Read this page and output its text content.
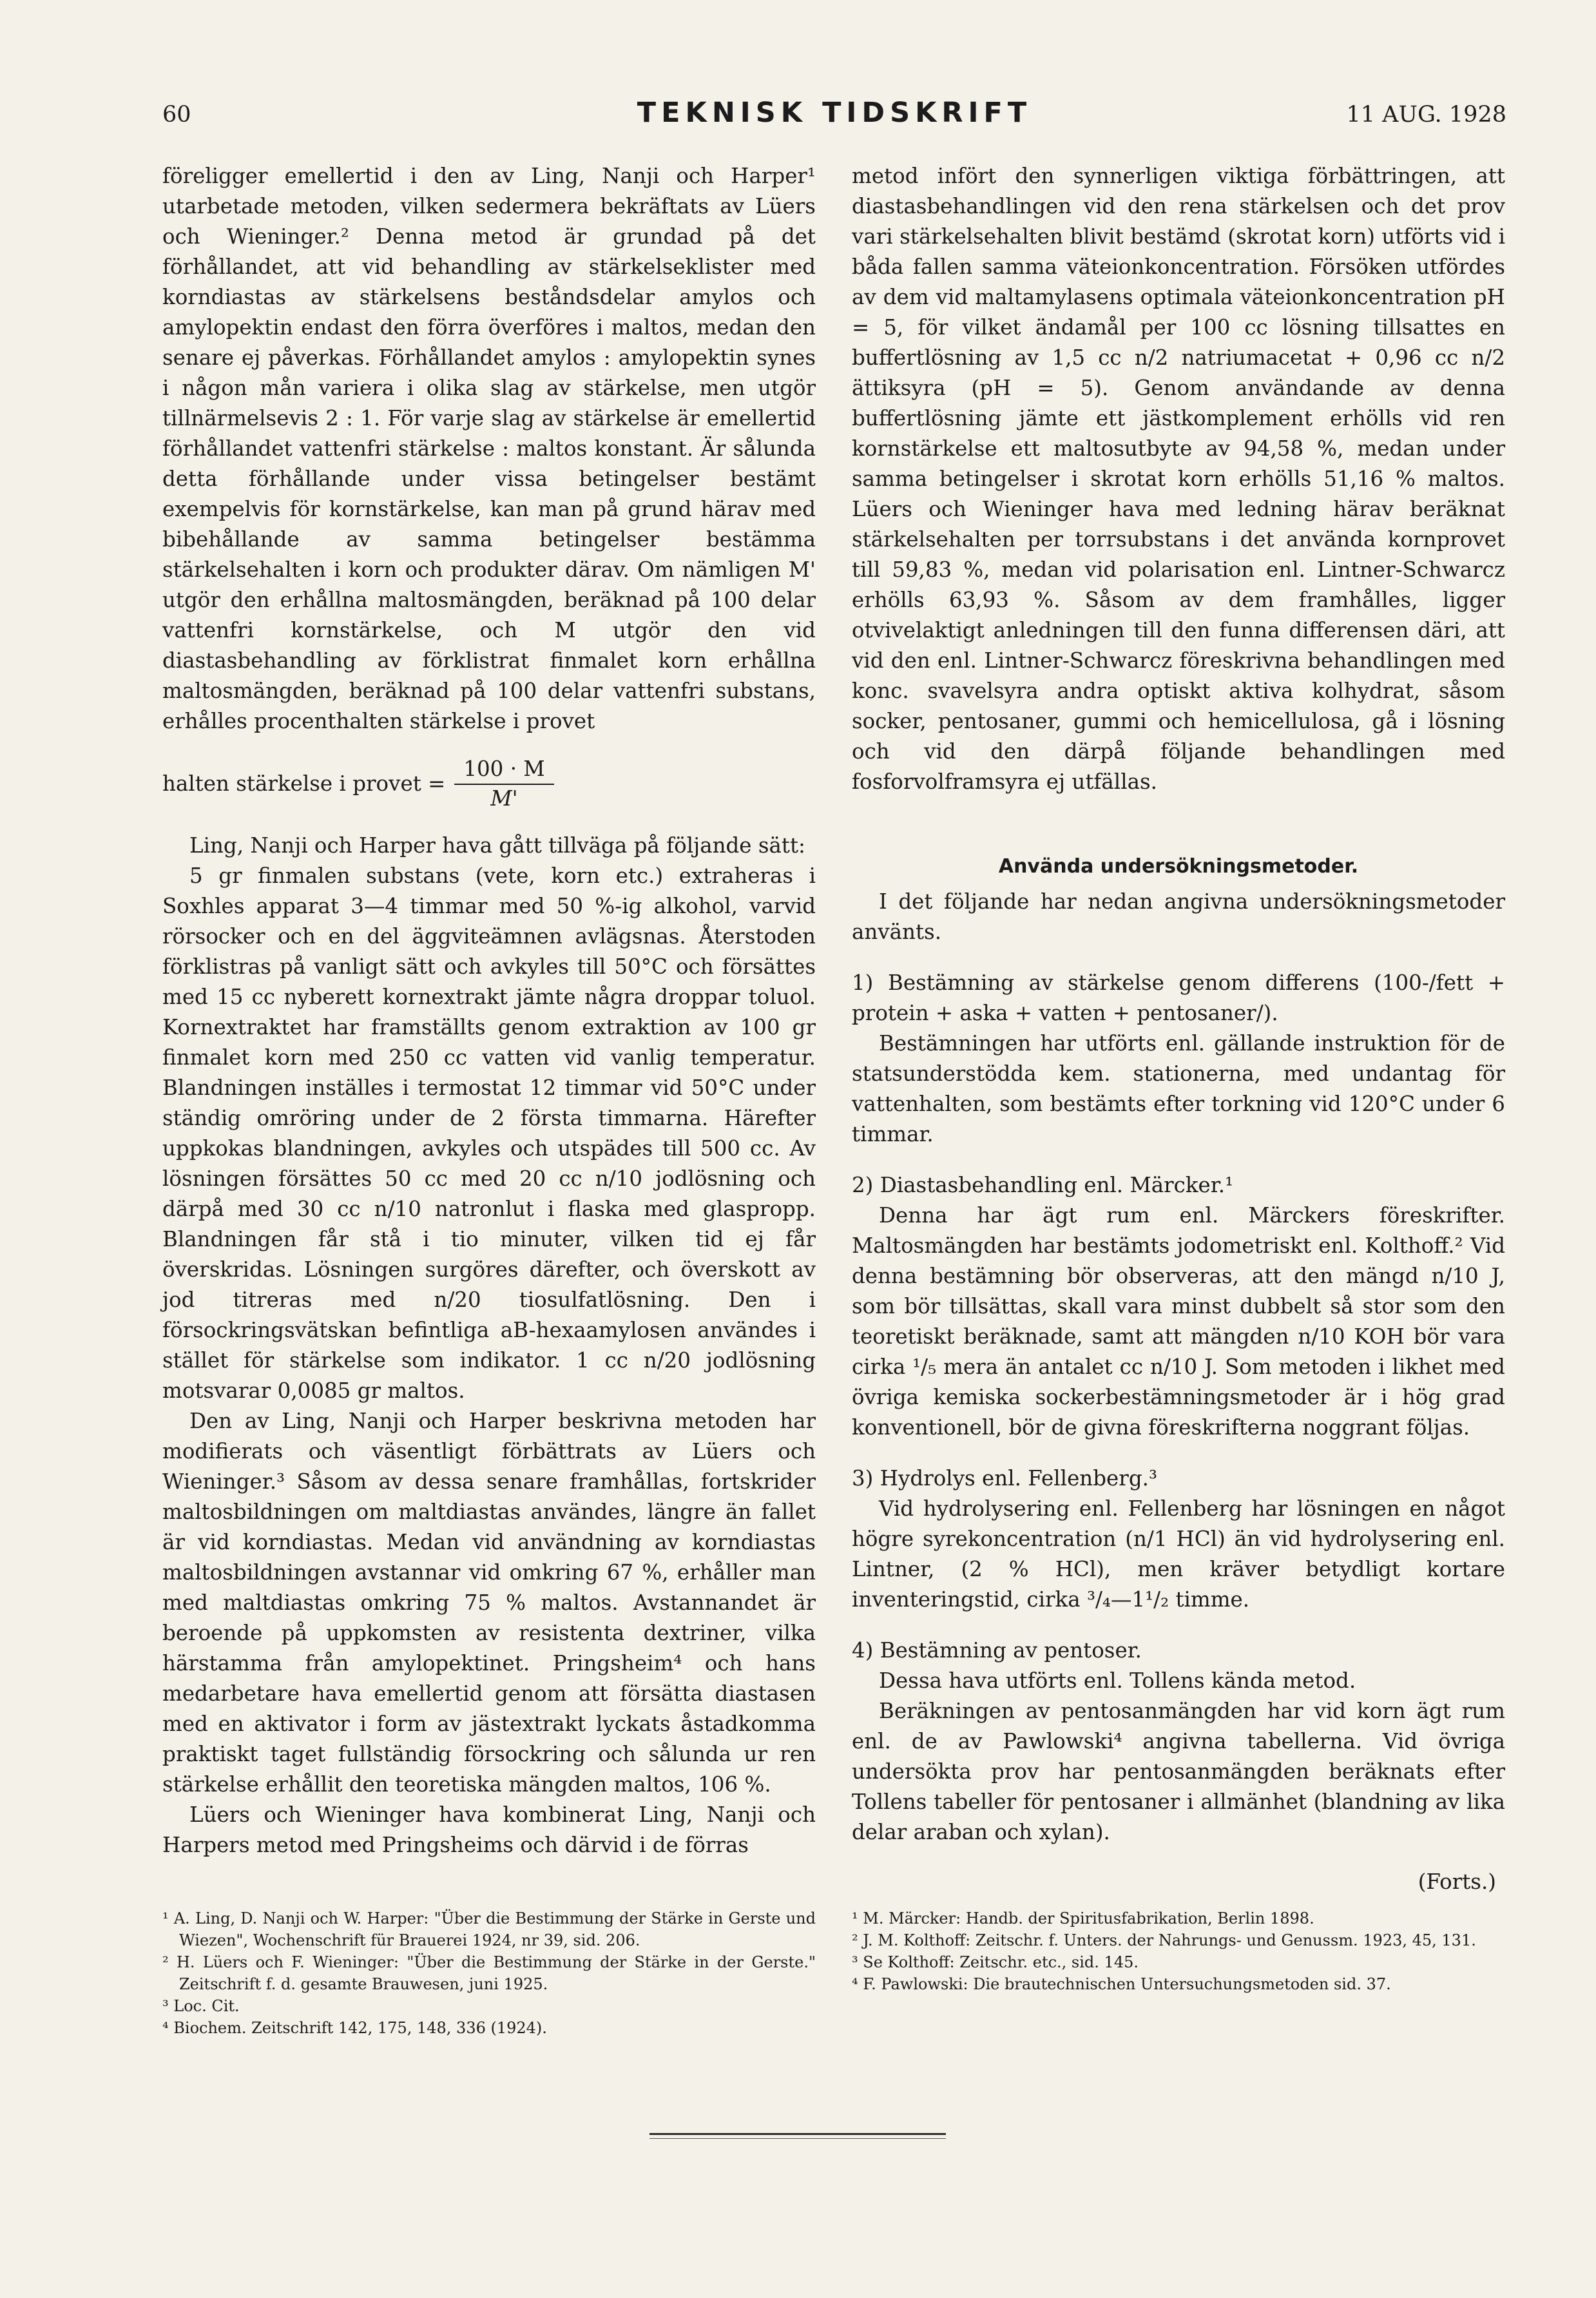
60	TEKNISK TIDSKRIFT	11 AUG. 1928

föreligger emellertid i den av Ling, Nanji och Harper¹ utarbetade metoden, vilken sedermera bekräftats av Lüers och Wieninger.² Denna metod är grundad på det förhållandet, att vid behandling av stärkelseklister med korndiastas av stärkelsens beståndsdelar amylos och amylopektin endast den förra överföres i maltos, medan den senare ej påverkas. Förhållandet amylos : amylopektin synes i någon mån variera i olika slag av stärkelse, men utgör tillnärmelsevis 2 : 1. För varje slag av stärkelse är emellertid förhållandet vattenfri stärkelse : maltos konstant. Är sålunda detta förhållande under vissa betingelser bestämt exempelvis för kornstärkelse, kan man på grund härav med bibehållande av samma betingelser bestämma stärkelsehalten i korn och produkter därav. Om nämligen M' utgör den erhållna maltosmängden, beräknad på 100 delar vattenfri kornstärkelse, och M utgör den vid diastasbehandling av förklistrat finmalet korn erhållna maltosmängden, beräknad på 100 delar vattenfri substans, erhålles procenthalten stärkelse i provet

halten stärkelse i provet = $\frac{100 \cdot M}{M'}$

Ling, Nanji och Harper hava gått tillväga på följande sätt:

5 gr finmalen substans (vete, korn etc.) extraheras i Soxhles apparat 3—4 timmar med 50 %-ig alkohol, varvid rörsocker och en del äggviteämnen avlägsnas. Återstoden förklistras på vanligt sätt och avkyles till 50°C och försättes med 15 cc nyberett kornextrakt jämte några droppar toluol. Kornextraktet har framställts genom extraktion av 100 gr finmalet korn med 250 cc vatten vid vanlig temperatur. Blandningen inställes i termostat 12 timmar vid 50°C under ständig omröring under de 2 första timmarna. Härefter uppkokas blandningen, avkyles och utspädes till 500 cc. Av lösningen försättes 50 cc med 20 cc n/10 jodlösning och därpå med 30 cc n/10 natronlut i flaska med glaspropp. Blandningen får stå i tio minuter, vilken tid ej får överskridas. Lösningen surgöres därefter, och överskott av jod titreras med n/20 tiosulfatlösning. Den i försockringsvätskan befintliga aB-hexaamylosen användes i stället för stärkelse som indikator. 1 cc n/20 jodlösning motsvarar 0,0085 gr maltos.

Den av Ling, Nanji och Harper beskrivna metoden har modifierats och väsentligt förbättrats av Lüers och Wieninger.³ Såsom av dessa senare framhållas, fortskrider maltosbildningen om maltdiastas användes, längre än fallet är vid korndiastas. Medan vid användning av korndiastas maltosbildningen avstannar vid omkring 67 %, erhåller man med maltdiastas omkring 75 % maltos. Avstannandet är beroende på uppkomsten av resistenta dextriner, vilka härstamma från amylopektinet. Pringsheim⁴ och hans medarbetare hava emellertid genom att försätta diastasen med en aktivator i form av jästextrakt lyckats åstadkomma praktiskt taget fullständig försockring och sålunda ur ren stärkelse erhållit den teoretiska mängden maltos, 106 %.

Lüers och Wieninger hava kombinerat Ling, Nanji och Harpers metod med Pringsheims och därvid i de förras

metod infört den synnerligen viktiga förbättringen, att diastasbehandlingen vid den rena stärkelsen och det prov vari stärkelsehalten blivit bestämd (skrotat korn) utförts vid i båda fallen samma väteionkoncentration. Försöken utfördes av dem vid maltamylasens optimala väteionkoncentration pH = 5, för vilket ändamål per 100 cc lösning tillsattes en buffertlösning av 1,5 cc n/2 natriumacetat + 0,96 cc n/2 ättiksyra (pH = 5). Genom användande av denna buffertlösning jämte ett jästkomplement erhölls vid ren kornstärkelse ett maltosutbyte av 94,58 %, medan under samma betingelser i skrotat korn erhölls 51,16 % maltos. Lüers och Wieninger hava med ledning härav beräknat stärkelsehalten per torrsubstans i det använda kornprovet till 59,83 %, medan vid polarisation enl. Lintner-Schwarcz erhölls 63,93 %. Såsom av dem framhålles, ligger otvivelaktigt anledningen till den funna differensen däri, att vid den enl. Lintner-Schwarcz föreskrivna behandlingen med konc. svavelsyra andra optiskt aktiva kolhydrat, såsom socker, pentosaner, gummi och hemicellulosa, gå i lösning och vid den därpå följande behandlingen med fosforvolframsyra ej utfällas.

Använda undersökningsmetoder.

I det följande har nedan angivna undersökningsmetoder använts.

1) Bestämning av stärkelse genom differens (100-/fett + protein + aska + vatten + pentosaner/).

Bestämningen har utförts enl. gällande instruktion för de statsunderstödda kem. stationerna, med undantag för vattenhalten, som bestämts efter torkning vid 120°C under 6 timmar.

2) Diastasbehandling enl. Märcker.¹

Denna har ägt rum enl. Märckers föreskrifter. Maltosmängden har bestämts jodometriskt enl. Kolthoff.² Vid denna bestämning bör observeras, att den mängd n/10 J, som bör tillsättas, skall vara minst dubbelt så stor som den teoretiskt beräknade, samt att mängden n/10 KOH bör vara cirka ¹/₅ mera än antalet cc n/10 J. Som metoden i likhet med övriga kemiska sockerbestämningsmetoder är i hög grad konventionell, bör de givna föreskrifterna noggrant följas.

3) Hydrolys enl. Fellenberg.³

Vid hydrolysering enl. Fellenberg har lösningen en något högre syrekoncentration (n/1 HCl) än vid hydrolysering enl. Lintner, (2 % HCl), men kräver betydligt kortare inventeringstid, cirka ³/₄—1¹/₂ timme.

4) Bestämning av pentoser.

Dessa hava utförts enl. Tollens kända metod.

Beräkningen av pentosanmängden har vid korn ägt rum enl. de av Pawlowski⁴ angivna tabellerna. Vid övriga undersökta prov har pentosanmängden beräknats efter Tollens tabeller för pentosaner i allmänhet (blandning av lika delar araban och xylan).

(Forts.)

¹ A. Ling, D. Nanji och W. Harper: "Über die Bestimmung der Stärke in Gerste und Wiezen", Wochenschrift für Brauerei 1924, nr 39, sid. 206.

² H. Lüers och F. Wieninger: "Über die Bestimmung der Stärke in der Gerste." Zeitschrift f. d. gesamte Brauwesen, juni 1925.

³ Loc. Cit.

⁴ Biochem. Zeitschrift 142, 175, 148, 336 (1924).

¹ M. Märcker: Handb. der Spiritusfabrikation, Berlin 1898.

² J. M. Kolthoff: Zeitschr. f. Unters. der Nahrungs- und Genussm. 1923, 45, 131.

³ Se Kolthoff: Zeitschr. etc., sid. 145.

⁴ F. Pawlowski: Die brautechnischen Untersuchungsmetoden sid. 37.
